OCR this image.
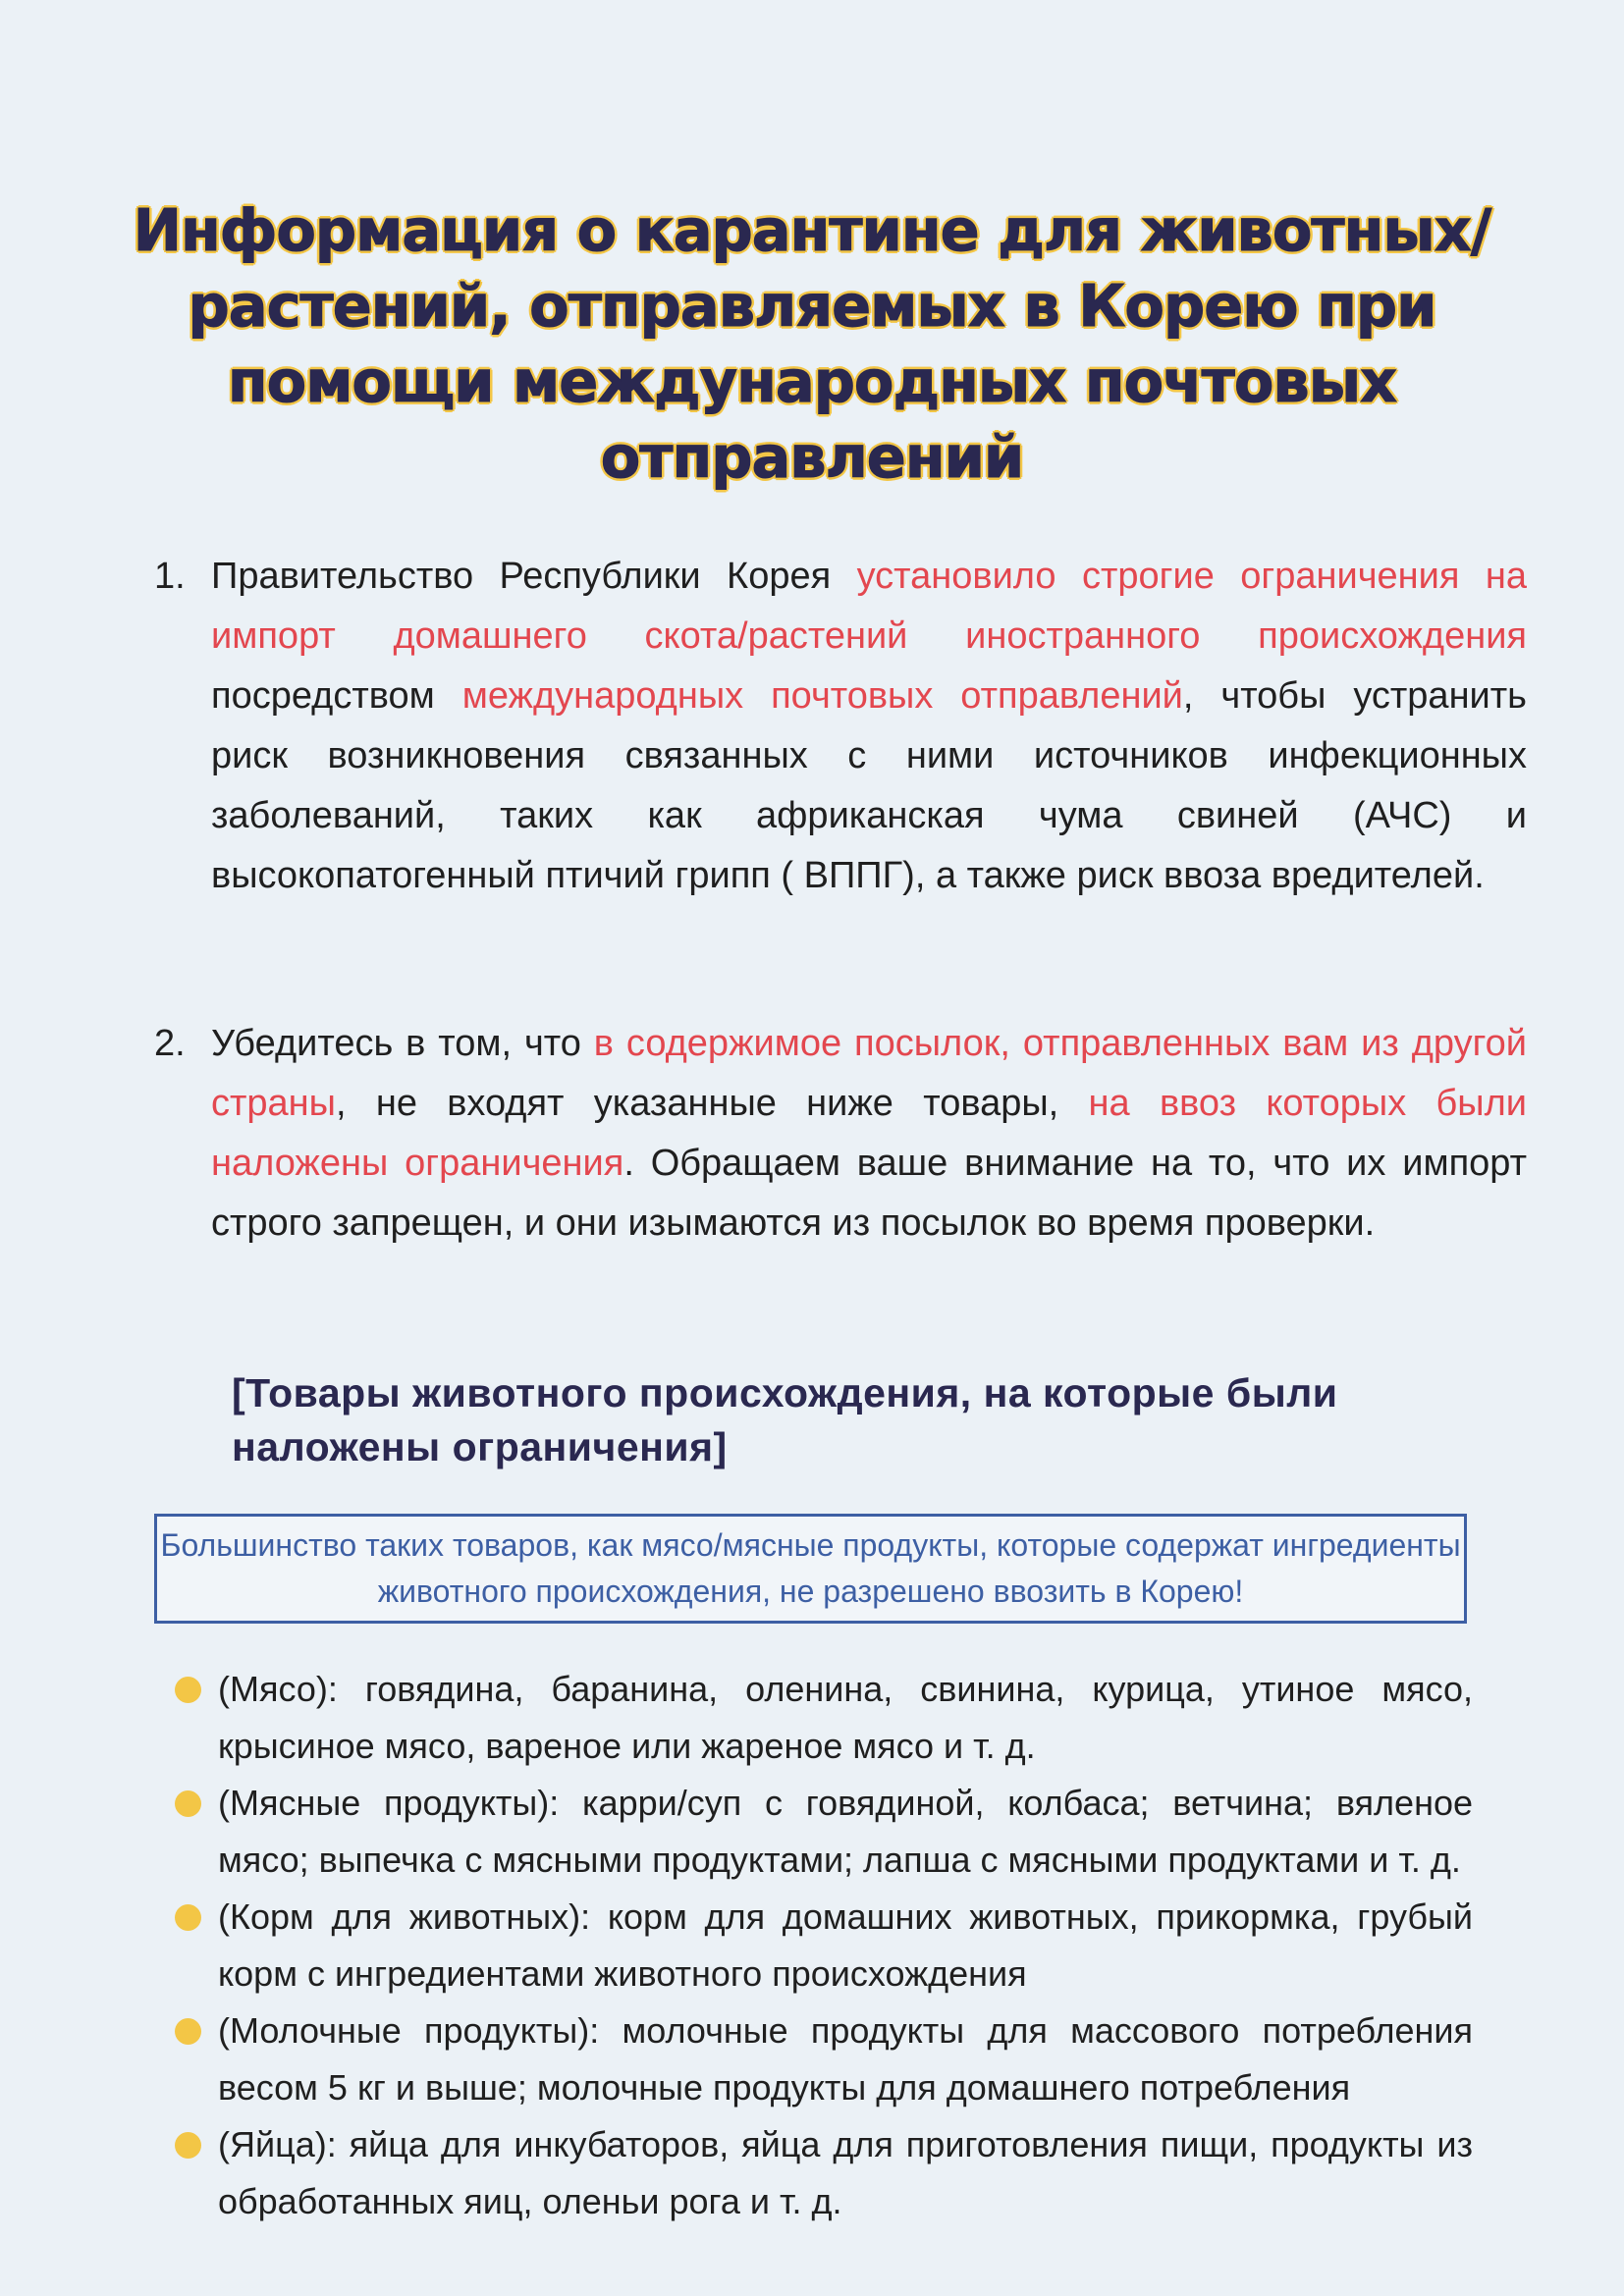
Информация о карантине для животных/растений, отправляемых в Корею при помощи международных почтовых отправлений

1. Правительство Республики Корея установило строгие ограничения на импорт домашнего скота/растений иностранного происхождения посредством международных почтовых отправлений, чтобы устранить риск возникновения связанных с ними источников инфекционных заболеваний, таких как африканская чума свиней (АЧС) и высокопатогенный птичий грипп ( ВППГ), а также риск ввоза вредителей.

2. Убедитесь в том, что в содержимое посылок, отправленных вам из другой страны, не входят указанные ниже товары, на ввоз которых были наложены ограничения. Обращаем ваше внимание на то, что их импорт строго запрещен, и они изымаются из посылок во время проверки.

[Товары животного происхождения, на которые были наложены ограничения]
Большинство таких товаров, как мясо/мясные продукты, которые содержат ингредиенты животного происхождения, не разрешено ввозить в Корею!
(Мясо): говядина, баранина, оленина, свинина, курица, утиное мясо, крысиное мясо, вареное или жареное мясо и т. д.
(Мясные продукты): карри/суп с говядиной, колбаса; ветчина; вяленое мясо; выпечка с мясными продуктами; лапша с мясными продуктами и т. д.
(Корм для животных): корм для домашних животных, прикормка, грубый корм с ингредиентами животного происхождения
(Молочные продукты): молочные продукты для массового потребления весом 5 кг и выше; молочные продукты для домашнего потребления
(Яйца): яйца для инкубаторов, яйца для приготовления пищи, продукты из обработанных яиц, оленьи рога и т. д.
